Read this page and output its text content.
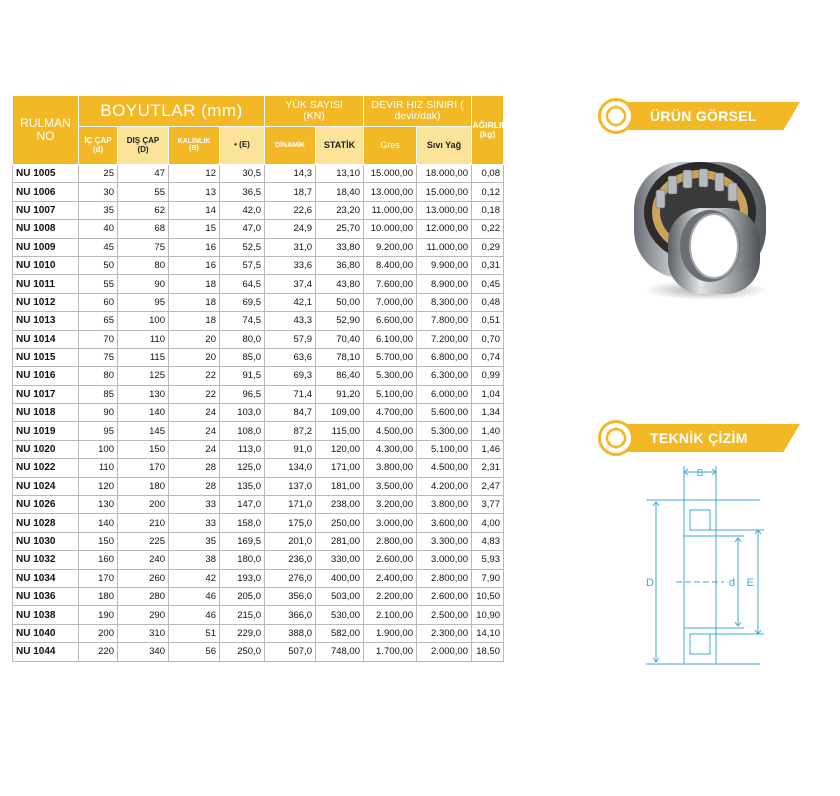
RULMAN NO	BOYUTLAR (mm)				YÜK SAYISI (KN)		DEVİR HIZ SINIRI ( devir/dak)		AĞIRLIK (kg)
	İÇ ÇAP (d)	DIŞ ÇAP (D)	KALINLIK (B)	• (E)	DİNAMİK	STATİK	Gres	Sıvı Yağ	
NU 1005	25	47	12	30,5	14,3	13,10	15.000,00	18.000,00	0,08
NU 1006	30	55	13	36,5	18,7	18,40	13.000,00	15.000,00	0,12
NU 1007	35	62	14	42,0	22,6	23,20	11.000,00	13.000,00	0,18
NU 1008	40	68	15	47,0	24,9	25,70	10.000,00	12.000,00	0,22
NU 1009	45	75	16	52,5	31,0	33,80	9.200,00	11.000,00	0,29
NU 1010	50	80	16	57,5	33,6	36,80	8.400,00	9.900,00	0,31
NU 1011	55	90	18	64,5	37,4	43,80	7.600,00	8.900,00	0,45
NU 1012	60	95	18	69,5	42,1	50,00	7.000,00	8.300,00	0,48
NU 1013	65	100	18	74,5	43,3	52,90	6.600,00	7.800,00	0,51
NU 1014	70	110	20	80,0	57,9	70,40	6.100,00	7.200,00	0,70
NU 1015	75	115	20	85,0	63,6	78,10	5.700,00	6.800,00	0,74
NU 1016	80	125	22	91,5	69,3	86,40	5.300,00	6.300,00	0,99
NU 1017	85	130	22	96,5	71,4	91,20	5.100,00	6.000,00	1,04
NU 1018	90	140	24	103,0	84,7	109,00	4.700,00	5.600,00	1,34
NU 1019	95	145	24	108,0	87,2	115,00	4.500,00	5.300,00	1,40
NU 1020	100	150	24	113,0	91,0	120,00	4.300,00	5.100,00	1,46
NU 1022	110	170	28	125,0	134,0	171,00	3.800,00	4.500,00	2,31
NU 1024	120	180	28	135,0	137,0	181,00	3.500,00	4.200,00	2,47
NU 1026	130	200	33	147,0	171,0	238,00	3.200,00	3.800,00	3,77
NU 1028	140	210	33	158,0	175,0	250,00	3.000,00	3.600,00	4,00
NU 1030	150	225	35	169,5	201,0	281,00	2.800,00	3.300,00	4,83
NU 1032	160	240	38	180,0	236,0	330,00	2.600,00	3.000,00	5,93
NU 1034	170	260	42	193,0	276,0	400,00	2.400,00	2.800,00	7,90
NU 1036	180	280	46	205,0	356,0	503,00	2.200,00	2.600,00	10,50
NU 1038	190	290	46	215,0	366,0	530,00	2.100,00	2.500,00	10,90
NU 1040	200	310	51	229,0	388,0	582,00	1.900,00	2.300,00	14,10
NU 1044	220	340	56	250,0	507,0	748,00	1.700,00	2.000,00	18,50
ÜRÜN GÖRSEL
TEKNİK ÇİZİM
B
D	d E
